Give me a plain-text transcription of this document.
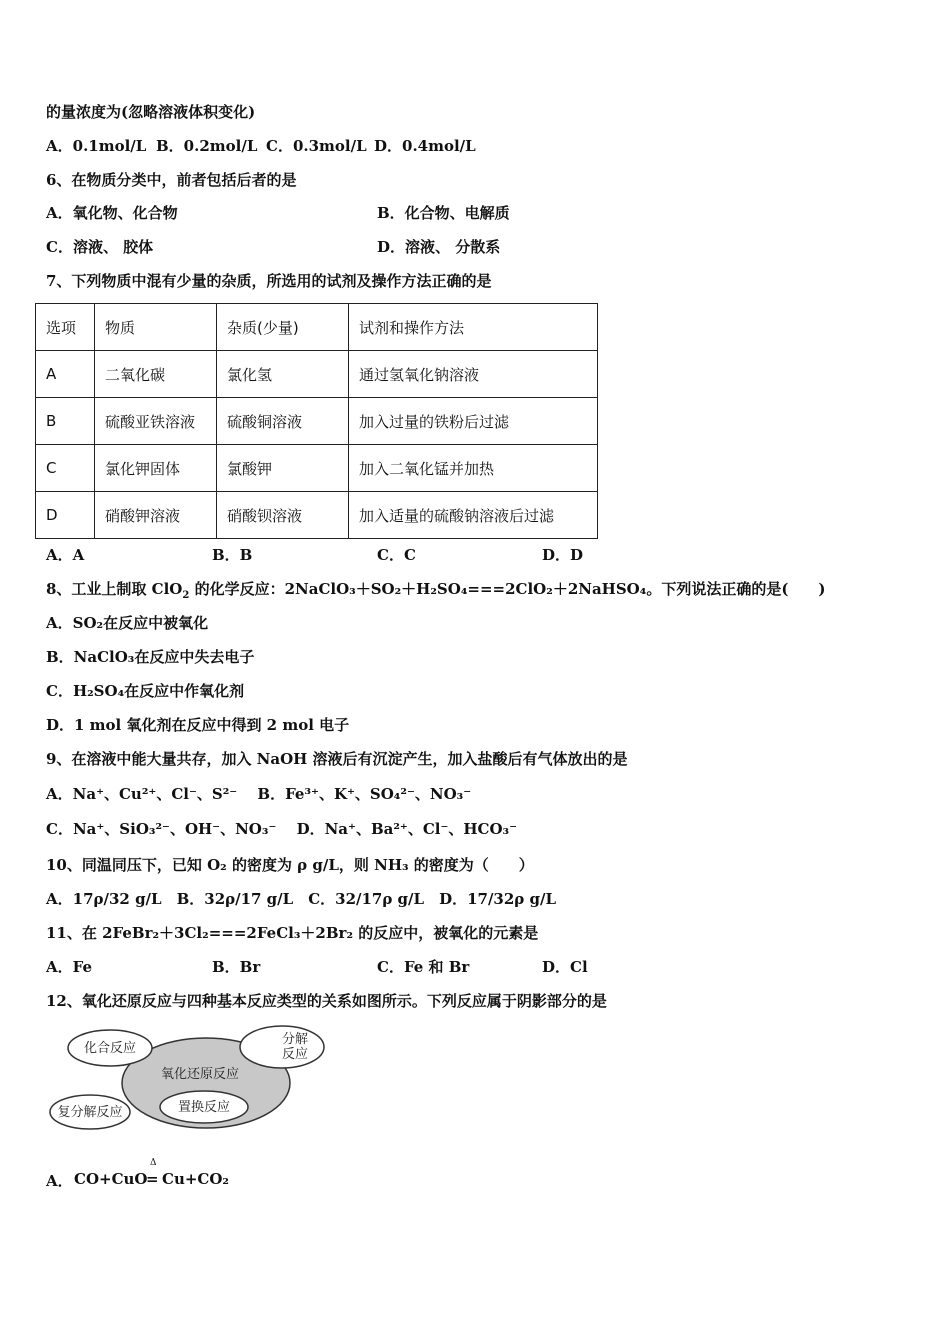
的量浓度为(忽略溶液体积变化)
A．0.1mol/L B．0.2mol/L C．0.3mol/L D．0.4mol/L
6、在物质分类中，前者包括后者的是
A．氧化物、化合物	B．化合物、电解质
C．溶液、 胶体	D．溶液、 分散系
7、下列物质中混有少量的杂质，所选用的试剂及操作方法正确的是
选项	物质	杂质(少量)	试剂和操作方法
A	二氧化碳	氯化氢	通过氢氧化钠溶液
B	硫酸亚铁溶液	硫酸铜溶液	加入过量的铁粉后过滤
C	氯化钾固体	氯酸钾	加入二氧化锰并加热
D	硝酸钾溶液	硝酸钡溶液	加入适量的硫酸钠溶液后过滤
A．A	B．B	C．C	D．D
8、工业上制取 ClO$_2$ 的化学反应：2NaClO₃＋SO₂＋H₂SO₄===2ClO₂＋2NaHSO₄。下列说法正确的是(　　)
A．SO₂在反应中被氧化
B．NaClO₃在反应中失去电子
C．H₂SO₄在反应中作氧化剂
D．1 mol 氧化剂在反应中得到 2 mol 电子
9、在溶液中能大量共存，加入 NaOH 溶液后有沉淀产生，加入盐酸后有气体放出的是
A．Na⁺、Cu²⁺、Cl⁻、S²⁻　 B．Fe³⁺、K⁺、SO₄²⁻、NO₃⁻
C．Na⁺、SiO₃²⁻、OH⁻、NO₃⁻　 D．Na⁺、Ba²⁺、Cl⁻、HCO₃⁻
10、同温同压下，已知 O₂ 的密度为 ρ g/L，则 NH₃ 的密度为（　　）
A．17ρ/32 g/L　B．32ρ/17 g/L　C．32/17ρ g/L　D．17/32ρ g/L
11、在 2FeBr₂＋3Cl₂===2FeCl₃＋2Br₂ 的反应中，被氧化的元素是
A．Fe	B．Br	C．Fe 和 Br	D．Cl
12、氧化还原反应与四种基本反应类型的关系如图所示。下列反应属于阴影部分的是
化合反应
分解
反应
氧化还原反应
置换反应
复分解反应
A． CO+CuO
Δ
= Cu+CO₂
